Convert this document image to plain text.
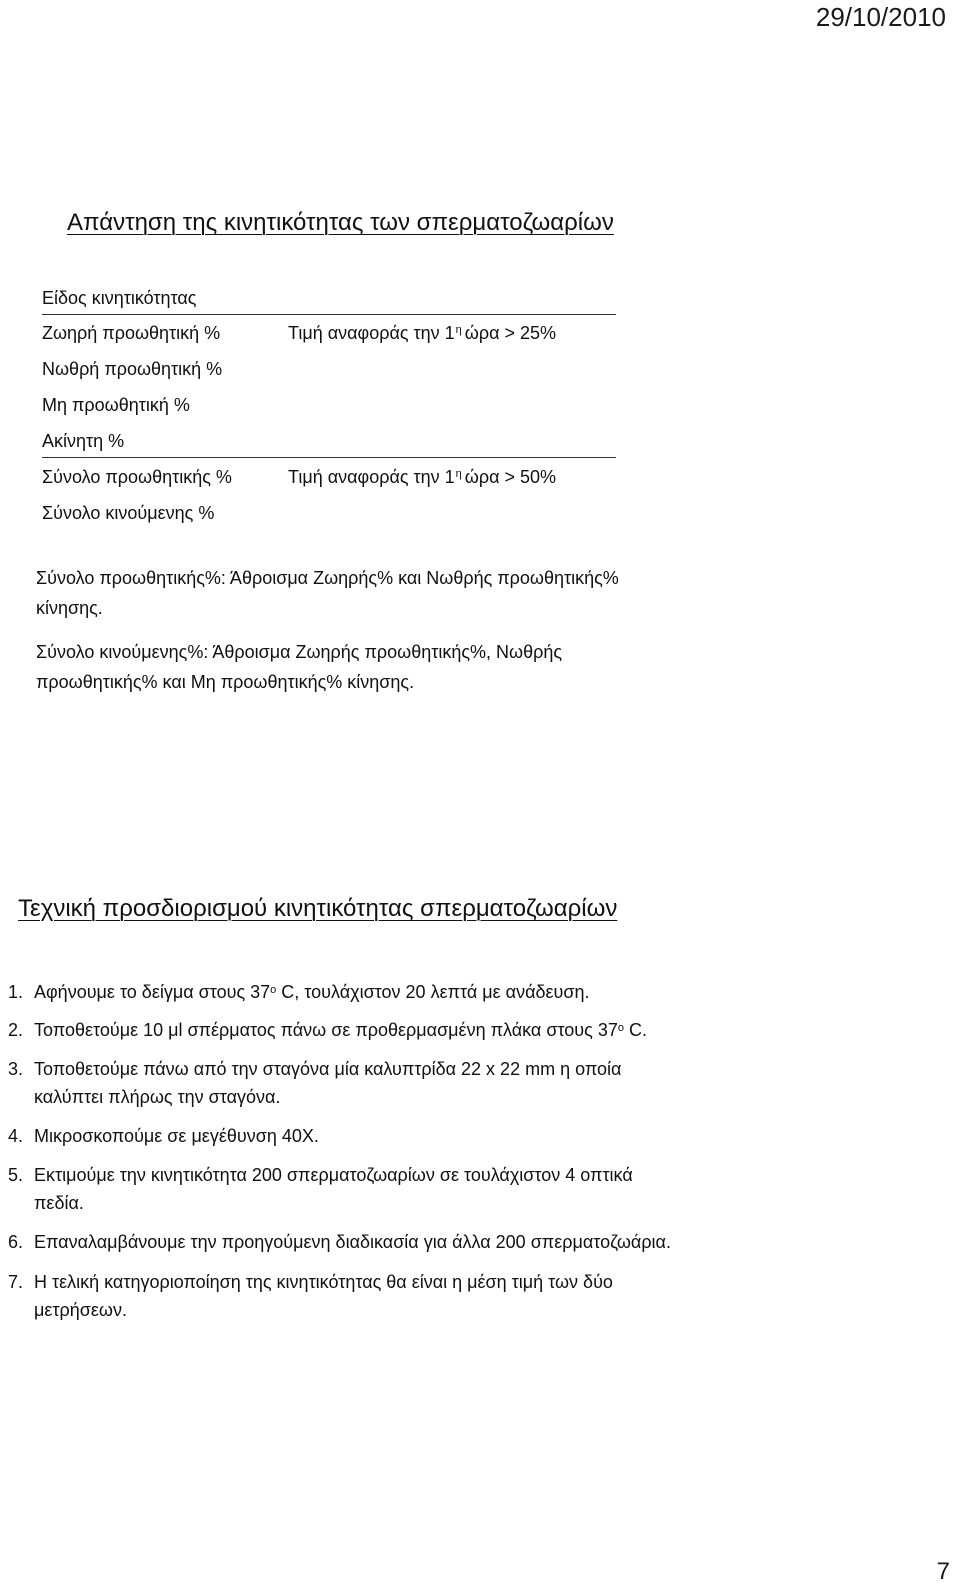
29/10/2010
Απάντηση της κινητικότητας των σπερματοζωαρίων
Είδος κινητικότητας
Ζωηρή προωθητική %	Τιμή αναφοράς την $1^\eta$ ώρα > 25%
Νωθρή προωθητική %
Μη προωθητική %
Ακίνητη %
Σύνολο προωθητικής %	Τιμή αναφοράς την $1^\eta$ ώρα > 50%
Σύνολο κινούμενης %
Σύνολο προωθητικής%: Άθροισμα Ζωηρής% και Νωθρής προωθητικής%
κίνησης.
Σύνολο κινούμενης%: Άθροισμα Ζωηρής προωθητικής%, Νωθρής
προωθητικής% και Μη προωθητικής% κίνησης.
Τεχνική προσδιορισμού κινητικότητας σπερματοζωαρίων
1. Αφήνουμε το δείγμα στους $37^o$ C, τουλάχιστον 20 λεπτά με ανάδευση.
2. Τοποθετούμε 10 μl σπέρματος πάνω σε προθερμασμένη πλάκα στους $37^o$ C.
3. Τοποθετούμε πάνω από την σταγόνα μία καλυπτρίδα 22 x 22 mm η οποία
καλύπτει πλήρως την σταγόνα.
4. Μικροσκοπούμε σε μεγέθυνση 40Χ.
5. Εκτιμούμε την κινητικότητα 200 σπερματοζωαρίων σε τουλάχιστον 4 οπτικά
πεδία.
6. Επαναλαμβάνουμε την προηγούμενη διαδικασία για άλλα 200 σπερματοζωάρια.
7. Η τελική κατηγοριοποίηση της κινητικότητας θα είναι η μέση τιμή των δύο
μετρήσεων.
7
